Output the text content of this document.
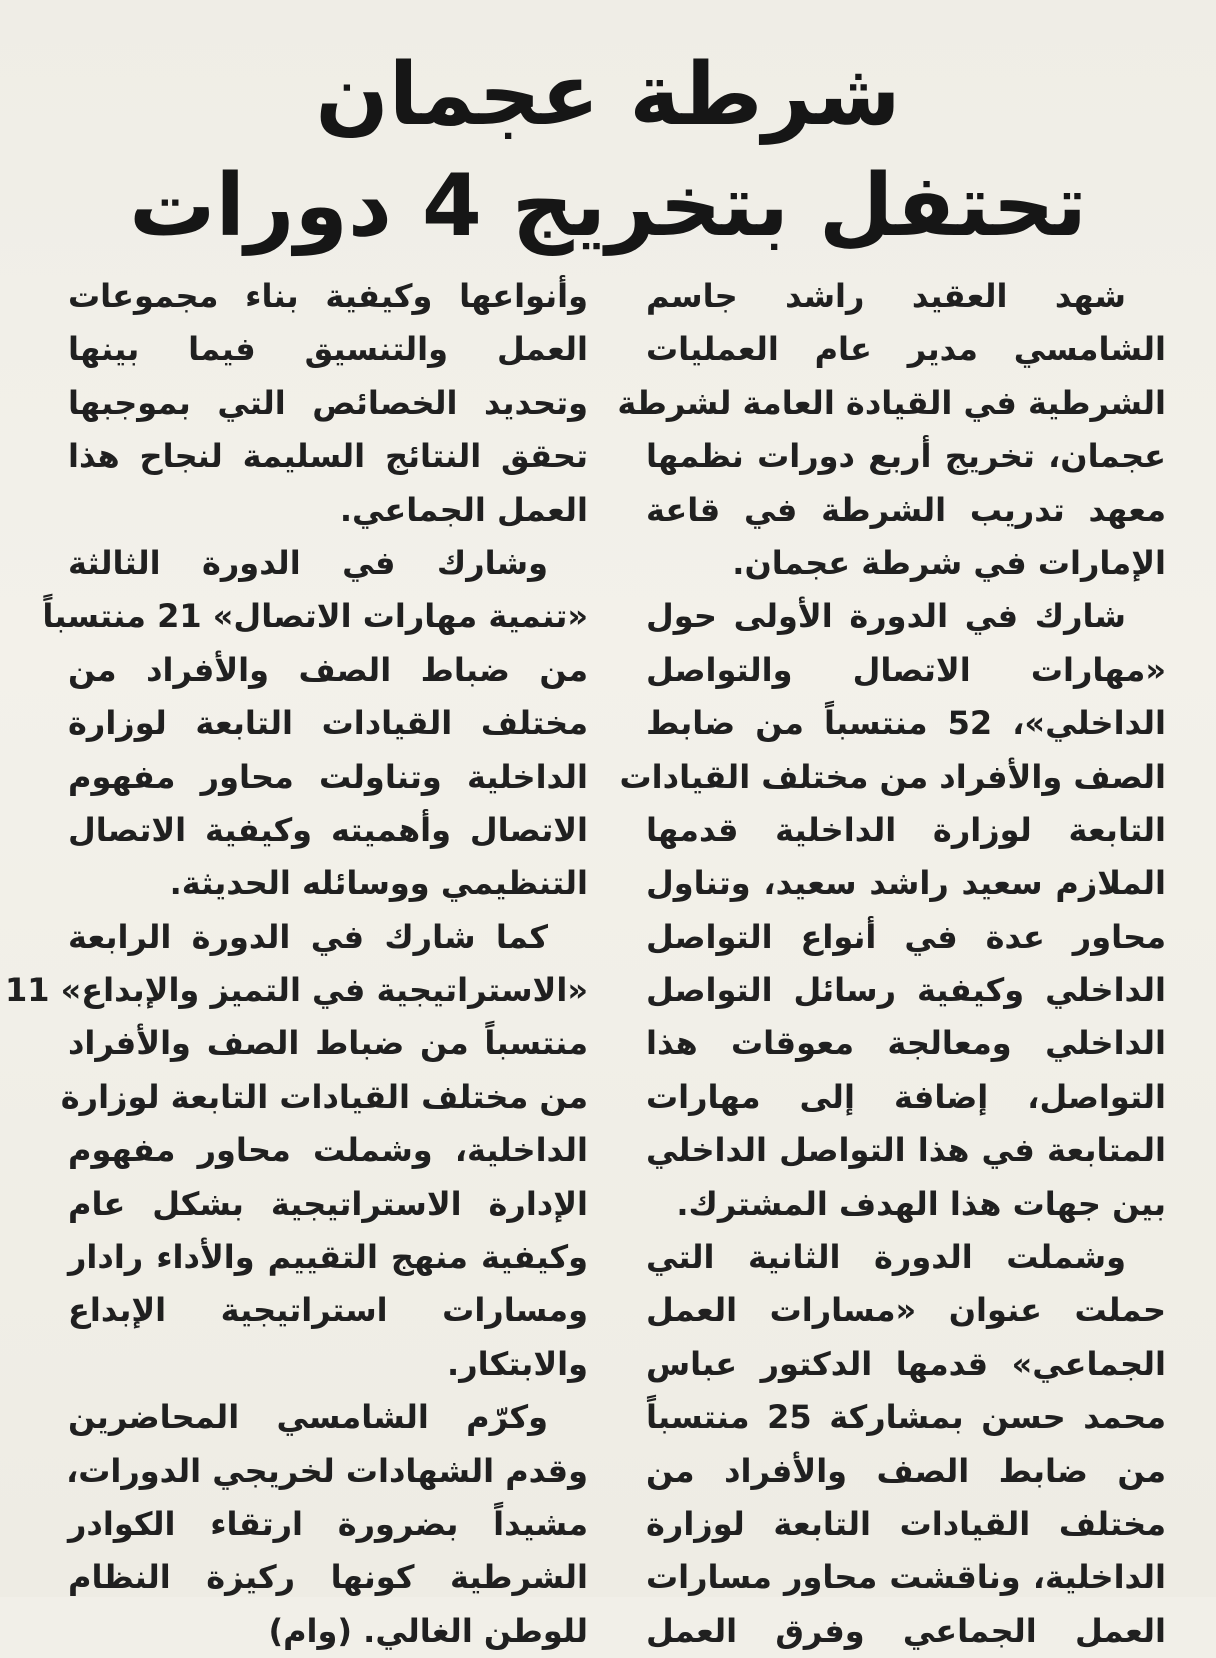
شرطة عجمان
تحتفل بتخريج 4 دورات
شهد العقيد راشد جاسم
الشامسي مدير عام العمليات
الشرطية في القيادة العامة لشرطة
عجمان، تخريج أربع دورات نظمها
معهد تدريب الشرطة في قاعة
الإمارات في شرطة عجمان.
شارك في الدورة الأولى حول
«مهارات الاتصال والتواصل
الداخلي»، 52 منتسباً من ضابط
الصف والأفراد من مختلف القيادات
التابعة لوزارة الداخلية قدمها
الملازم سعيد راشد سعيد، وتناول
محاور عدة في أنواع التواصل
الداخلي وكيفية رسائل التواصل
الداخلي ومعالجة معوقات هذا
التواصل، إضافة إلى مهارات
المتابعة في هذا التواصل الداخلي
بين جهات هذا الهدف المشترك.
وشملت الدورة الثانية التي
حملت عنوان «مسارات العمل
الجماعي» قدمها الدكتور عباس
محمد حسن بمشاركة 25 منتسباً
من ضابط الصف والأفراد من
مختلف القيادات التابعة لوزارة
الداخلية، وناقشت محاور مسارات
العمل الجماعي وفرق العمل
وأنواعها وكيفية بناء مجموعات
العمل والتنسيق فيما بينها
وتحديد الخصائص التي بموجبها
تحقق النتائج السليمة لنجاح هذا
العمل الجماعي.
وشارك في الدورة الثالثة
«تنمية مهارات الاتصال» 21 منتسباً
من ضباط الصف والأفراد من
مختلف القيادات التابعة لوزارة
الداخلية وتناولت محاور مفهوم
الاتصال وأهميته وكيفية الاتصال
التنظيمي ووسائله الحديثة.
كما شارك في الدورة الرابعة
«الاستراتيجية في التميز والإبداع» 11
منتسباً من ضباط الصف والأفراد
من مختلف القيادات التابعة لوزارة
الداخلية، وشملت محاور مفهوم
الإدارة الاستراتيجية بشكل عام
وكيفية منهج التقييم والأداء رادار
ومسارات استراتيجية الإبداع
والابتكار.
وكرّم الشامسي المحاضرين
وقدم الشهادات لخريجي الدورات،
مشيداً بضرورة ارتقاء الكوادر
الشرطية كونها ركيزة النظام
للوطن الغالي. (وام)
